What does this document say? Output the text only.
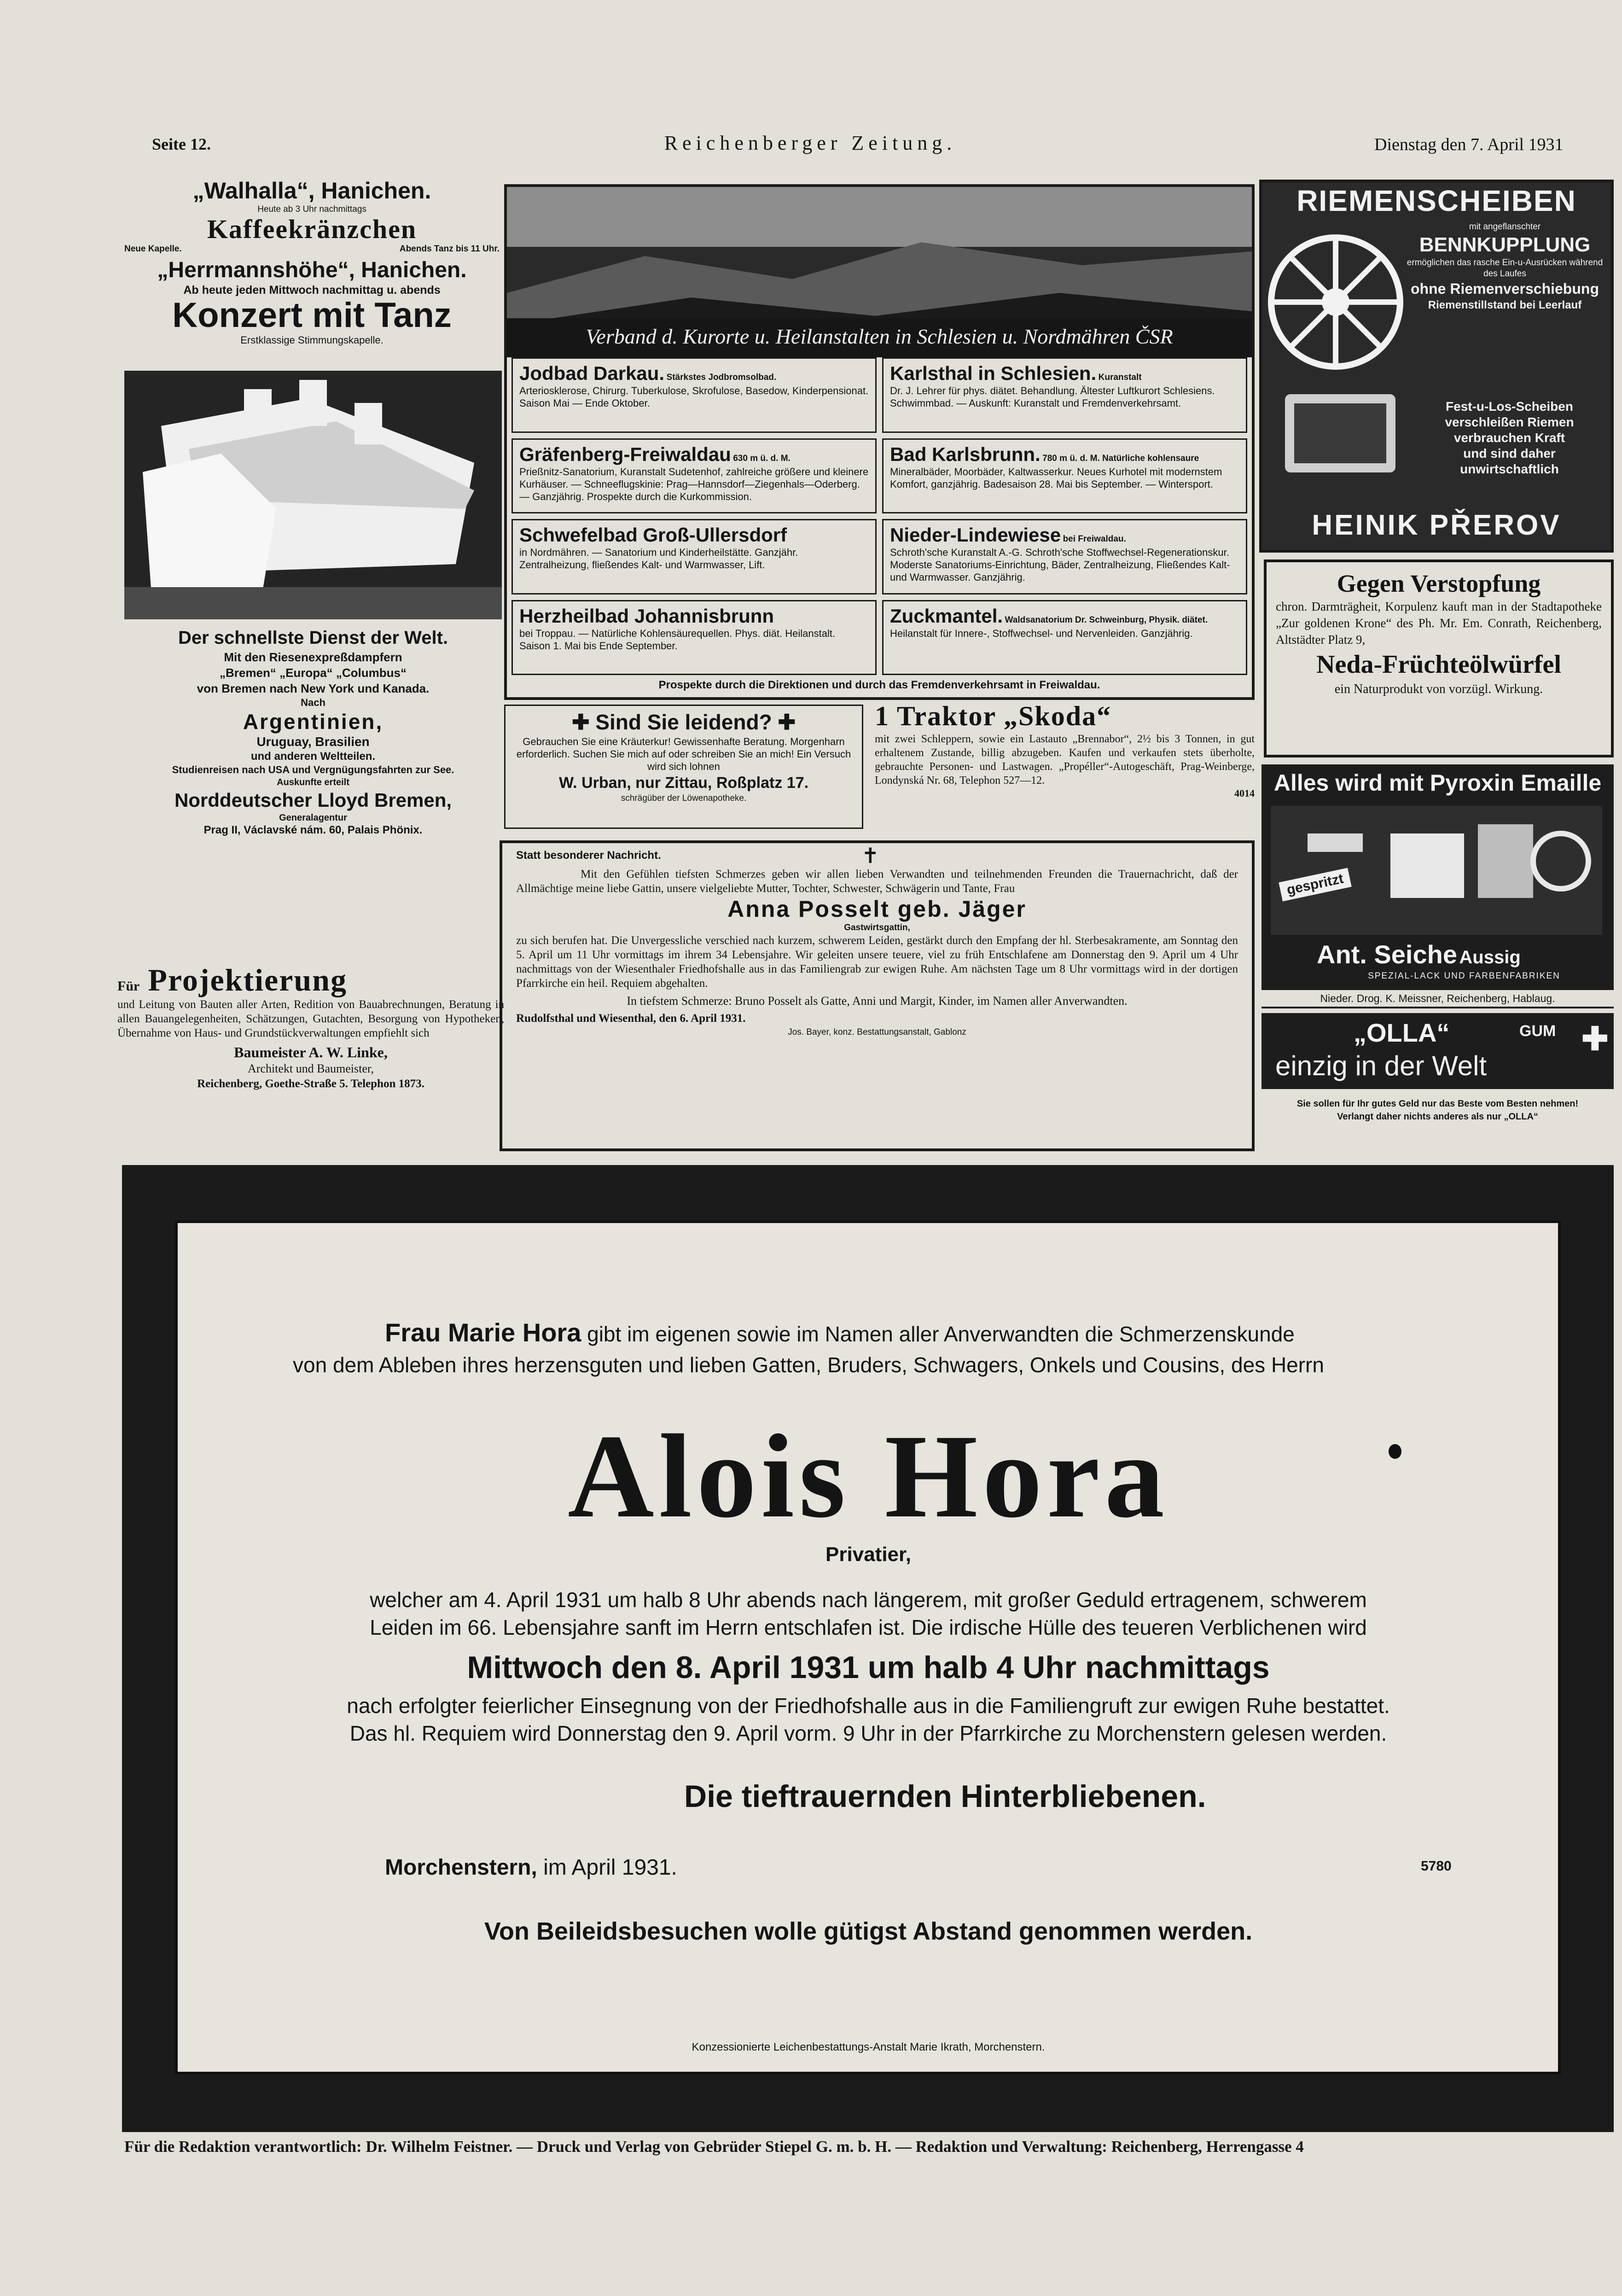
Seite 12.	Reichenberger Zeitung.	Dienstag den 7. April 1931

„Walhalla“, Hanichen.

Heute ab 3 Uhr nachmittags

Kaffeekränzchen

Neue Kapelle.	Abends Tanz bis 11 Uhr.

„Herrmannshöhe“, Hanichen.

Ab heute jeden Mittwoch nachmittag u. abends

Konzert mit Tanz

Erstklassige Stimmungskapelle.

Der schnellste Dienst der Welt.

Mit den Riesenexpreßdampfern

„Bremen“ „Europa“ „Columbus“

von Bremen nach New York und Kanada.

Nach

Argentinien,

Uruguay, Brasilien

und anderen Weltteilen.

Studienreisen nach USA und Vergnügungsfahrten zur See.

Auskunfte erteilt

Norddeutscher Lloyd Bremen,

Generalagentur

Prag II, Václavské nám. 60, Palais Phönix.

Für Projektierung

und Leitung von Bauten aller Arten, Redition von Bauabrechnungen, Beratung in allen Bauangelegenheiten, Schätzungen, Gutachten, Besorgung von Hypotheken, Übernahme von Haus- und Grundstückverwaltungen empfiehlt sich

Baumeister A. W. Linke,

Architekt und Baumeister,

Reichenberg, Goethe-Straße 5. Telephon 1873.

Verband d. Kurorte u. Heilanstalten in Schlesien u. Nordmähren ČSR

Jodbad Darkau. Stärkstes Jodbromsolbad.

Arteriosklerose, Chirurg. Tuberkulose, Skrofulose, Basedow, Kinderpensionat. Saison Mai — Ende Oktober.

Karlsthal in Schlesien. Kuranstalt

Dr. J. Lehrer für phys. diätet. Behandlung. Ältester Luftkurort Schlesiens. Schwimmbad. — Auskunft: Kuranstalt und Fremdenverkehrsamt.

Gräfenberg-Freiwaldau 630 m ü. d. M.

Prießnitz-Sanatorium, Kuranstalt Sudetenhof, zahlreiche größere und kleinere Kurhäuser. — Schneeflugskinie: Prag—Hannsdorf—Ziegenhals—Oderberg. — Ganzjährig. Prospekte durch die Kurkommission.

Bad Karlsbrunn. 780 m ü. d. M. Natürliche kohlensaure

Mineralbäder, Moorbäder, Kaltwasserkur. Neues Kurhotel mit modernstem Komfort, ganzjährig. Badesaison 28. Mai bis September. — Wintersport.

Schwefelbad Groß-Ullersdorf

in Nordmähren. — Sanatorium und Kinderheilstätte. Ganzjähr. Zentralheizung, fließendes Kalt- und Warmwasser, Lift.

Nieder-Lindewiese bei Freiwaldau.

Schroth'sche Kuranstalt A.-G. Schroth'sche Stoffwechsel-Regenerationskur. Moderste Sanatoriums-Einrichtung, Bäder, Zentralheizung, Fließendes Kalt- und Warmwasser. Ganzjährig.

Herzheilbad Johannisbrunn

bei Troppau. — Natürliche Kohlensäurequellen. Phys. diät. Heilanstalt. Saison 1. Mai bis Ende September.

Zuckmantel. Waldsanatorium Dr. Schweinburg, Physik. diätet.

Heilanstalt für Innere-, Stoffwechsel- und Nervenleiden. Ganzjährig.

Prospekte durch die Direktionen und durch das Fremdenverkehrsamt in Freiwaldau.

✚ Sind Sie leidend? ✚

Gebrauchen Sie eine Kräuterkur! Gewissenhafte Beratung. Morgenharn erforderlich. Suchen Sie mich auf oder schreiben Sie an mich! Ein Versuch wird sich lohnen

W. Urban, nur Zittau, Roßplatz 17.

schrägüber der Löwenapotheke.

1 Traktor „Skoda“

mit zwei Schleppern, sowie ein Lastauto „Brennabor“, 2½ bis 3 Tonnen, in gut erhaltenem Zustande, billig abzugeben. Kaufen und verkaufen stets überholte, gebrauchte Personen- und Lastwagen. „Propéller“-Autogeschäft, Prag-Weinberge, Londynská Nr. 68, Telephon 527—12.

4014

Statt besonderer Nachricht.	✝

Mit den Gefühlen tiefsten Schmerzes geben wir allen lieben Verwandten und teilnehmenden Freunden die Trauernachricht, daß der Allmächtige meine liebe Gattin, unsere vielgeliebte Mutter, Tochter, Schwester, Schwägerin und Tante, Frau

Anna Posselt geb. Jäger

Gastwirtsgattin,

zu sich berufen hat. Die Unvergessliche verschied nach kurzem, schwerem Leiden, gestärkt durch den Empfang der hl. Sterbesakramente, am Sonntag den 5. April um 11 Uhr vormittags im ihrem 34 Lebensjahre. Wir geleiten unsere teuere, viel zu früh Entschlafene am Donnerstag den 9. April um 4 Uhr nachmittags von der Wiesenthaler Friedhofshalle aus in das Familiengrab zur ewigen Ruhe. Am nächsten Tage um 8 Uhr vormittags wird in der dortigen Pfarrkirche ein heil. Requiem abgehalten.

In tiefstem Schmerze: Bruno Posselt als Gatte, Anni und Margit, Kinder, im Namen aller Anverwandten.

Rudolfsthal und Wiesenthal, den 6. April 1931.

Jos. Bayer, konz. Bestattungsanstalt, Gablonz

RIEMENSCHEIBEN

mit angeflanschter

BENNKUPPLUNG

ermöglichen das rasche Ein-u-Ausrücken während des Laufes

ohne Riemenverschiebung

Riemenstillstand bei Leerlauf

Fest-u-Los-Scheiben

verschleißen Riemen

verbrauchen Kraft

und sind daher

unwirtschaftlich

HEINIK PŘEROV

Gegen Verstopfung

chron. Darmträgheit, Korpulenz kauft man in der Stadtapotheke „Zur goldenen Krone“ des Ph. Mr. Em. Conrath, Reichenberg, Altstädter Platz 9,

Neda-Früchteölwürfel

ein Naturprodukt von vorzügl. Wirkung.

Alles wird mit Pyroxin Emaille

gespritzt

Ant. Seiche Aussig

SPEZIAL-LACK UND FARBENFABRIKEN

Nieder. Drog. K. Meissner, Reichenberg, Hablaug.

„OLLA“	GUM

einzig in der Welt

✚

Sie sollen für Ihr gutes Geld nur das Beste vom Besten nehmen!

Verlangt daher nichts anderes als nur „OLLA“

Frau Marie Hora gibt im eigenen sowie im Namen aller Anverwandten die Schmerzenskunde

von dem Ableben ihres herzensguten und lieben Gatten, Bruders, Schwagers, Onkels und Cousins, des Herrn

Alois Hora

Privatier,

welcher am 4. April 1931 um halb 8 Uhr abends nach längerem, mit großer Geduld ertragenem, schwerem

Leiden im 66. Lebensjahre sanft im Herrn entschlafen ist. Die irdische Hülle des teueren Verblichenen wird

Mittwoch den 8. April 1931 um halb 4 Uhr nachmittags

nach erfolgter feierlicher Einsegnung von der Friedhofshalle aus in die Familiengruft zur ewigen Ruhe bestattet.

Das hl. Requiem wird Donnerstag den 9. April vorm. 9 Uhr in der Pfarrkirche zu Morchenstern gelesen werden.

Die tieftrauernden Hinterbliebenen.

Morchenstern, im April 1931.	5780

Von Beileidsbesuchen wolle gütigst Abstand genommen werden.

Konzessionierte Leichenbestattungs-Anstalt Marie Ikrath, Morchenstern.

Für die Redaktion verantwortlich: Dr. Wilhelm Feistner. — Druck und Verlag von Gebrüder Stiepel G. m. b. H. — Redaktion und Verwaltung: Reichenberg, Herrengasse 4
